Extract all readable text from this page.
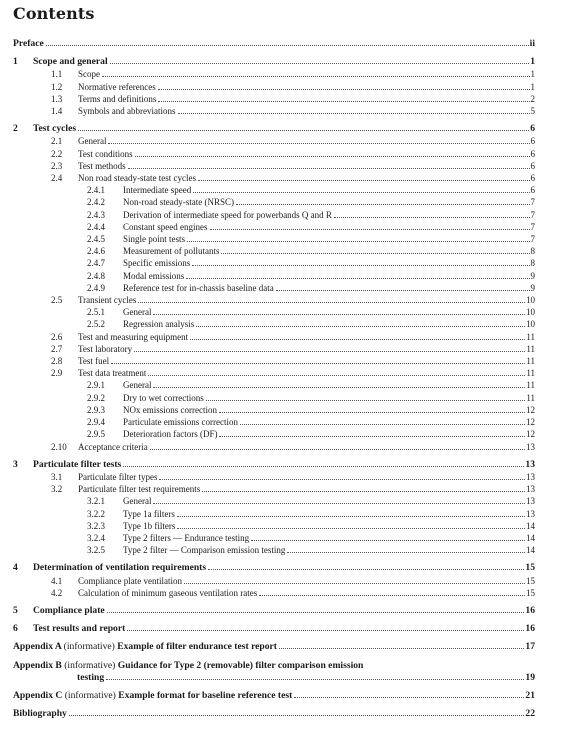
Contents
Preface	ii
1	Scope and general	1
1.1	Scope	1
1.2	Normative references	1
1.3	Terms and definitions	2
1.4	Symbols and abbreviations	5
2	Test cycles	6
2.1	General	6
2.2	Test conditions	6
2.3	Test methods	6
2.4	Non road steady-state test cycles	6
2.4.1	Intermediate speed	6
2.4.2	Non-road steady-state (NRSC)	7
2.4.3	Derivation of intermediate speed for powerbands Q and R	7
2.4.4	Constant speed engines	7
2.4.5	Single point tests	7
2.4.6	Measurement of pollutants	8
2.4.7	Specific emissions	8
2.4.8	Modal emissions	9
2.4.9	Reference test for in-chassis baseline data	9
2.5	Transient cycles	10
2.5.1	General	10
2.5.2	Regression analysis	10
2.6	Test and measuring equipment	11
2.7	Test laboratory	11
2.8	Test fuel	11
2.9	Test data treatment	11
2.9.1	General	11
2.9.2	Dry to wet corrections	11
2.9.3	NOx emissions correction	12
2.9.4	Particulate emissions correction	12
2.9.5	Deterioration factors (DF)	12
2.10	Acceptance criteria	13
3	Particulate filter tests	13
3.1	Particulate filter types	13
3.2	Particulate filter test requirements	13
3.2.1	General	13
3.2.2	Type 1a filters	13
3.2.3	Type 1b filters	14
3.2.4	Type 2 filters — Endurance testing	14
3.2.5	Type 2 filter — Comparison emission testing	14
4	Determination of ventilation requirements	15
4.1	Compliance plate ventilation	15
4.2	Calculation of minimum gaseous ventilation rates	15
5	Compliance plate	16
6	Test results and report	16
Appendix A (informative) Example of filter endurance test report	17
Appendix B (informative) Guidance for Type 2 (removable) filter comparison emission
testing	19
Appendix C (informative) Example format for baseline reference test	21
Bibliography	22
